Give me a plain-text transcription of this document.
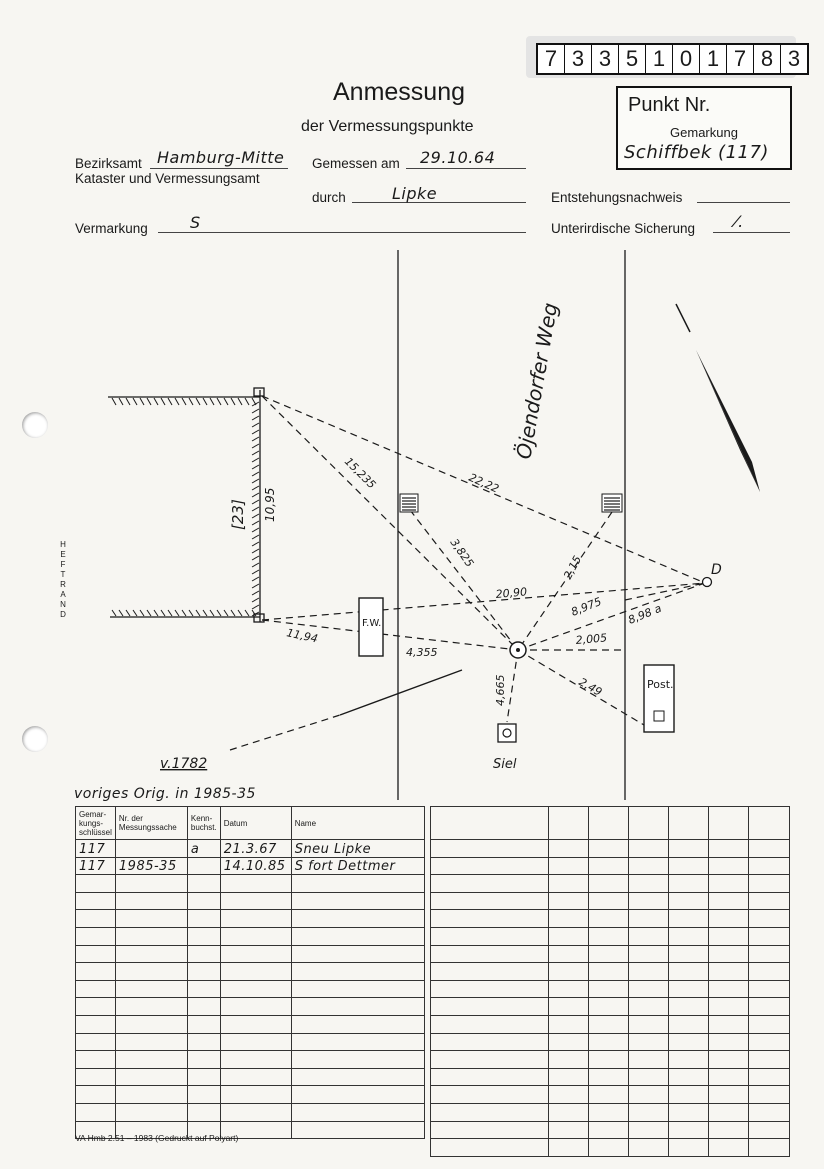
7 3 3 5 1 0 1 7 8 3
Anmessung
der Vermessungspunkte
Punkt Nr.
Gemarkung
Schiffbek (117)
Bezirksamt Hamburg-Mitte
Kataster und Vermessungsamt
Gemessen am 29.10.64
durch	Lipke
Vermarkung	S
Entstehungsnachweis
Unterirdische Sicherung ⁄.
H
E
F
T
R
A
N
D
Öjendorfer Weg
[23] 10,95
F.W.
Post.
Siel
v.1782
D
15,235	22,22
3,825	2,15
20,90
8,975 8,98 a
11,94
4,355
2,005
2,49
4,665
voriges Orig. in 1985-35
Gemar-kungs-schlüssel	Nr. der Messungssache	Kenn-buchst.	Datum	Name
117		a	21.3.67	Sneu Lipke
117	1985-35		14.10.85	S fort Dettmer

VA Hmb 2.51 – 1983 (Gedruckt auf Polyart)
